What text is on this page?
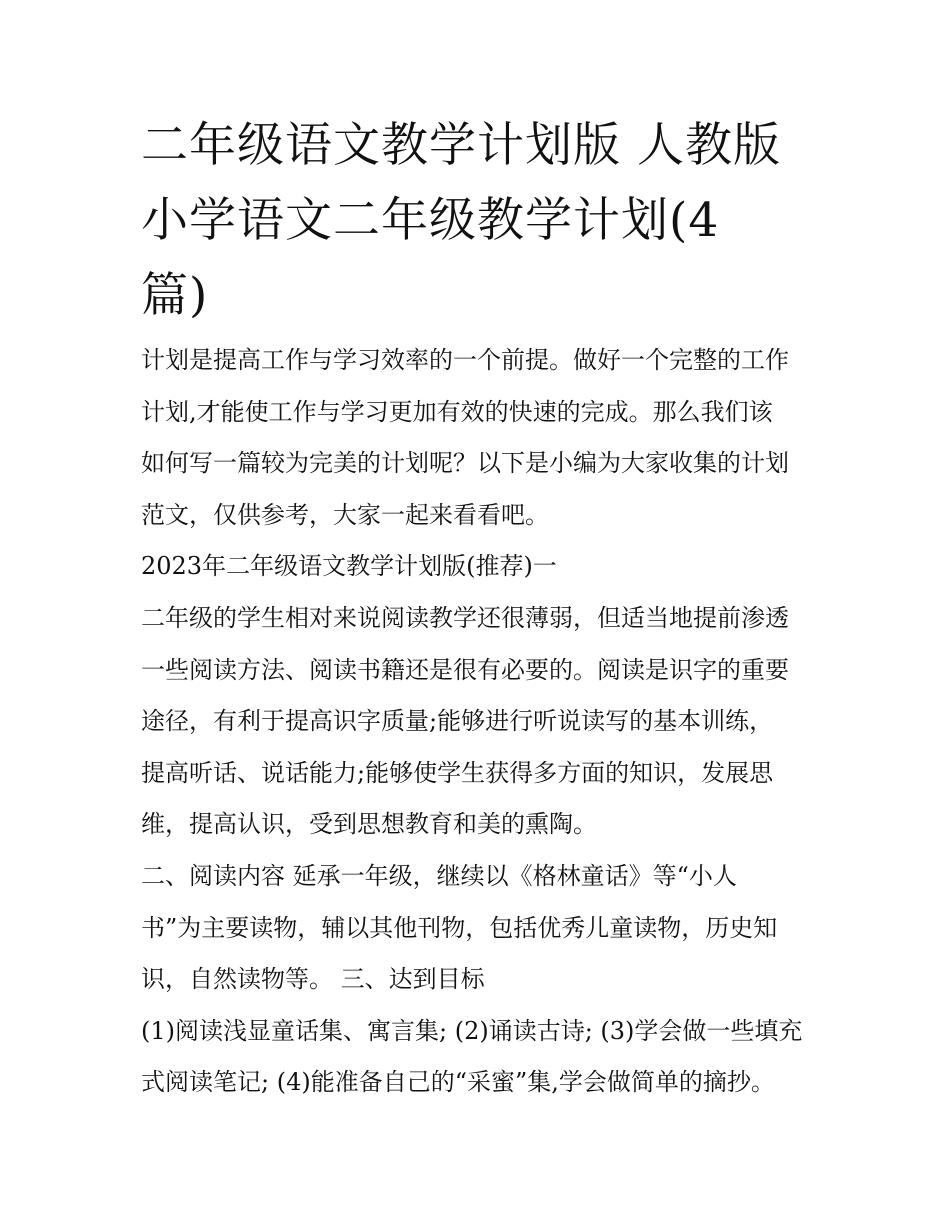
二年级语文教学计划版 人教版
小学语文二年级教学计划(4
篇)

计划是提高工作与学习效率的一个前提。做好一个完整的工作
计划,才能使工作与学习更加有效的快速的完成。那么我们该
如何写一篇较为完美的计划呢？以下是小编为大家收集的计划
范文，仅供参考，大家一起来看看吧。

2023年二年级语文教学计划版(推荐)一

二年级的学生相对来说阅读教学还很薄弱，但适当地提前渗透
一些阅读方法、阅读书籍还是很有必要的。阅读是识字的重要
途径，有利于提高识字质量;能够进行听说读写的基本训练，
提高听话、说话能力;能够使学生获得多方面的知识，发展思
维，提高认识，受到思想教育和美的熏陶。

二、阅读内容 延承一年级，继续以《格林童话》等“小人
书”为主要读物，辅以其他刊物，包括优秀儿童读物，历史知
识，自然读物等。 三、达到目标

(1)阅读浅显童话集、寓言集; (2)诵读古诗; (3)学会做一些填充
式阅读笔记; (4)能准备自己的“采蜜”集,学会做简单的摘抄。
